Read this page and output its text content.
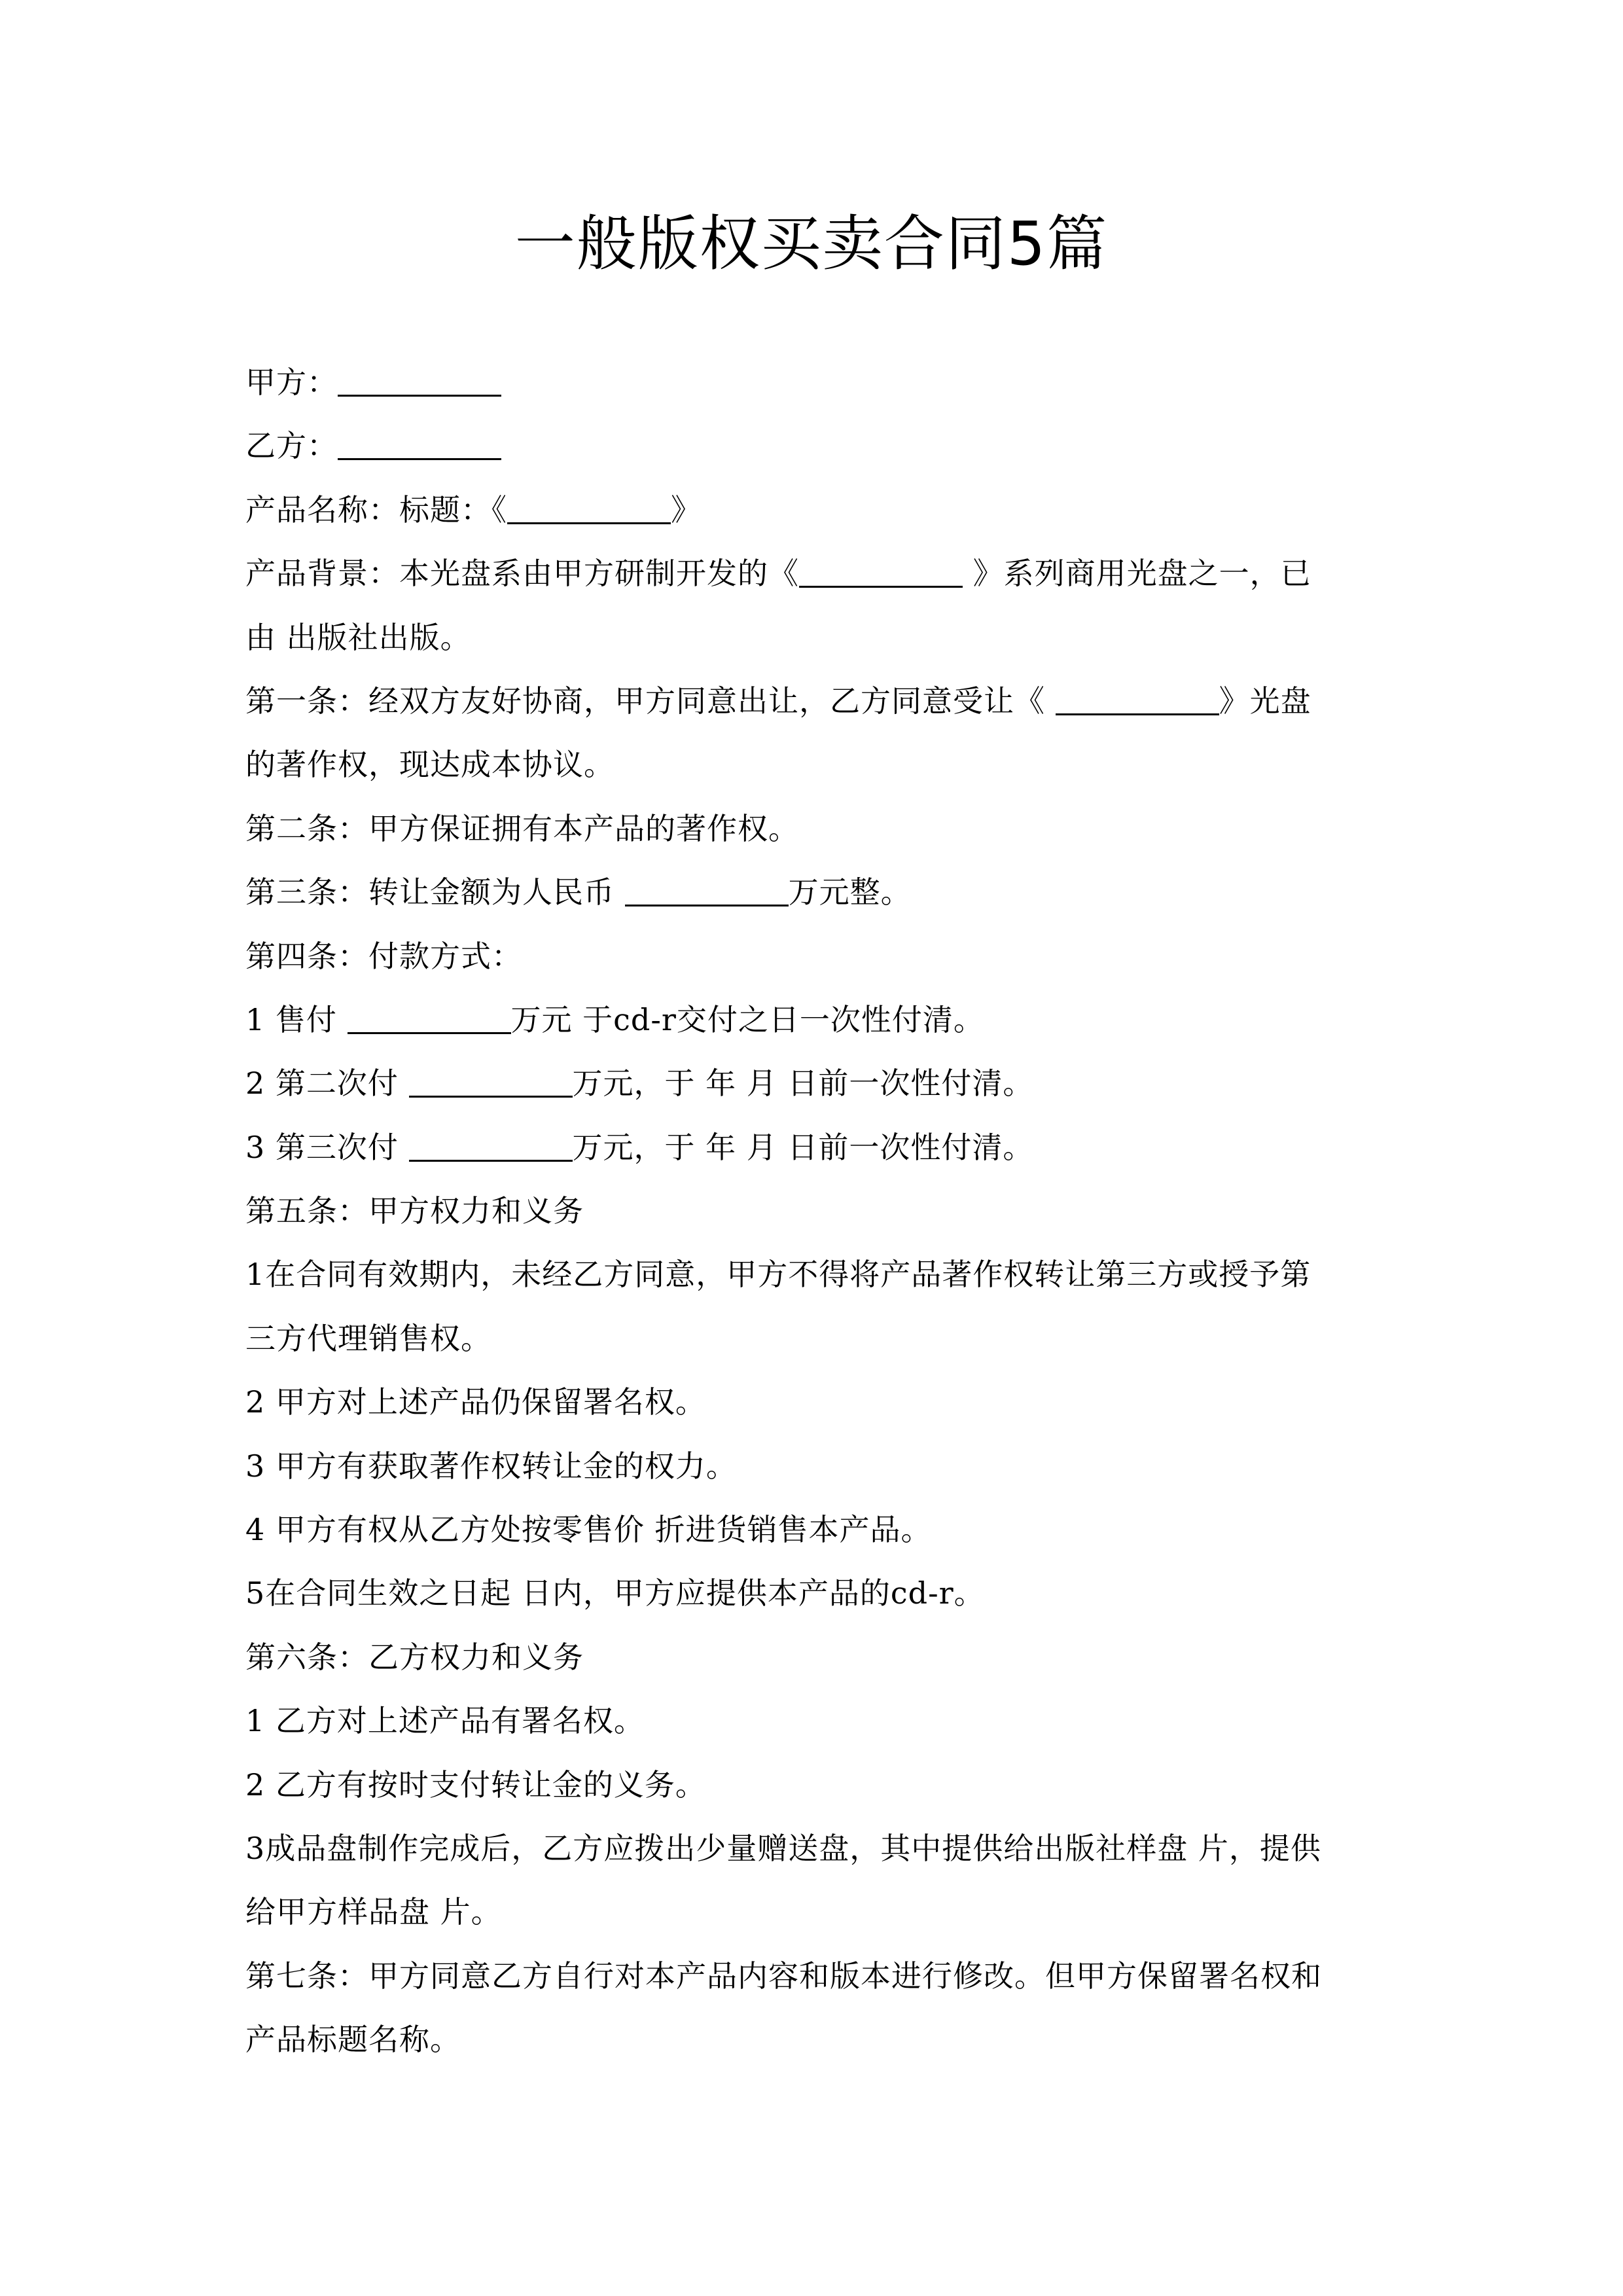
一般版权买卖合同5篇
甲方：
乙方：
产品名称：标题：《	》
产品背景：本光盘系由甲方研制开发的《	》系列商用光盘之一，已
由 出版社出版。
第一条：经双方友好协商，甲方同意出让，乙方同意受让《	》光盘
的著作权，现达成本协议。
第二条：甲方保证拥有本产品的著作权。
第三条：转让金额为人民币	万元整。
第四条：付款方式：
1 售付	万元 于cd-r交付之日一次性付清。
2 第二次付	万元，于 年 月 日前一次性付清。
3 第三次付	万元，于 年 月 日前一次性付清。
第五条：甲方权力和义务
1在合同有效期内，未经乙方同意，甲方不得将产品著作权转让第三方或授予第
三方代理销售权。
2 甲方对上述产品仍保留署名权。
3 甲方有获取著作权转让金的权力。
4 甲方有权从乙方处按零售价 折进货销售本产品。
5在合同生效之日起 日内，甲方应提供本产品的cd-r。
第六条：乙方权力和义务
1 乙方对上述产品有署名权。
2 乙方有按时支付转让金的义务。
3成品盘制作完成后，乙方应拨出少量赠送盘，其中提供给出版社样盘 片，提供
给甲方样品盘 片。
第七条：甲方同意乙方自行对本产品内容和版本进行修改。但甲方保留署名权和
产品标题名称。
